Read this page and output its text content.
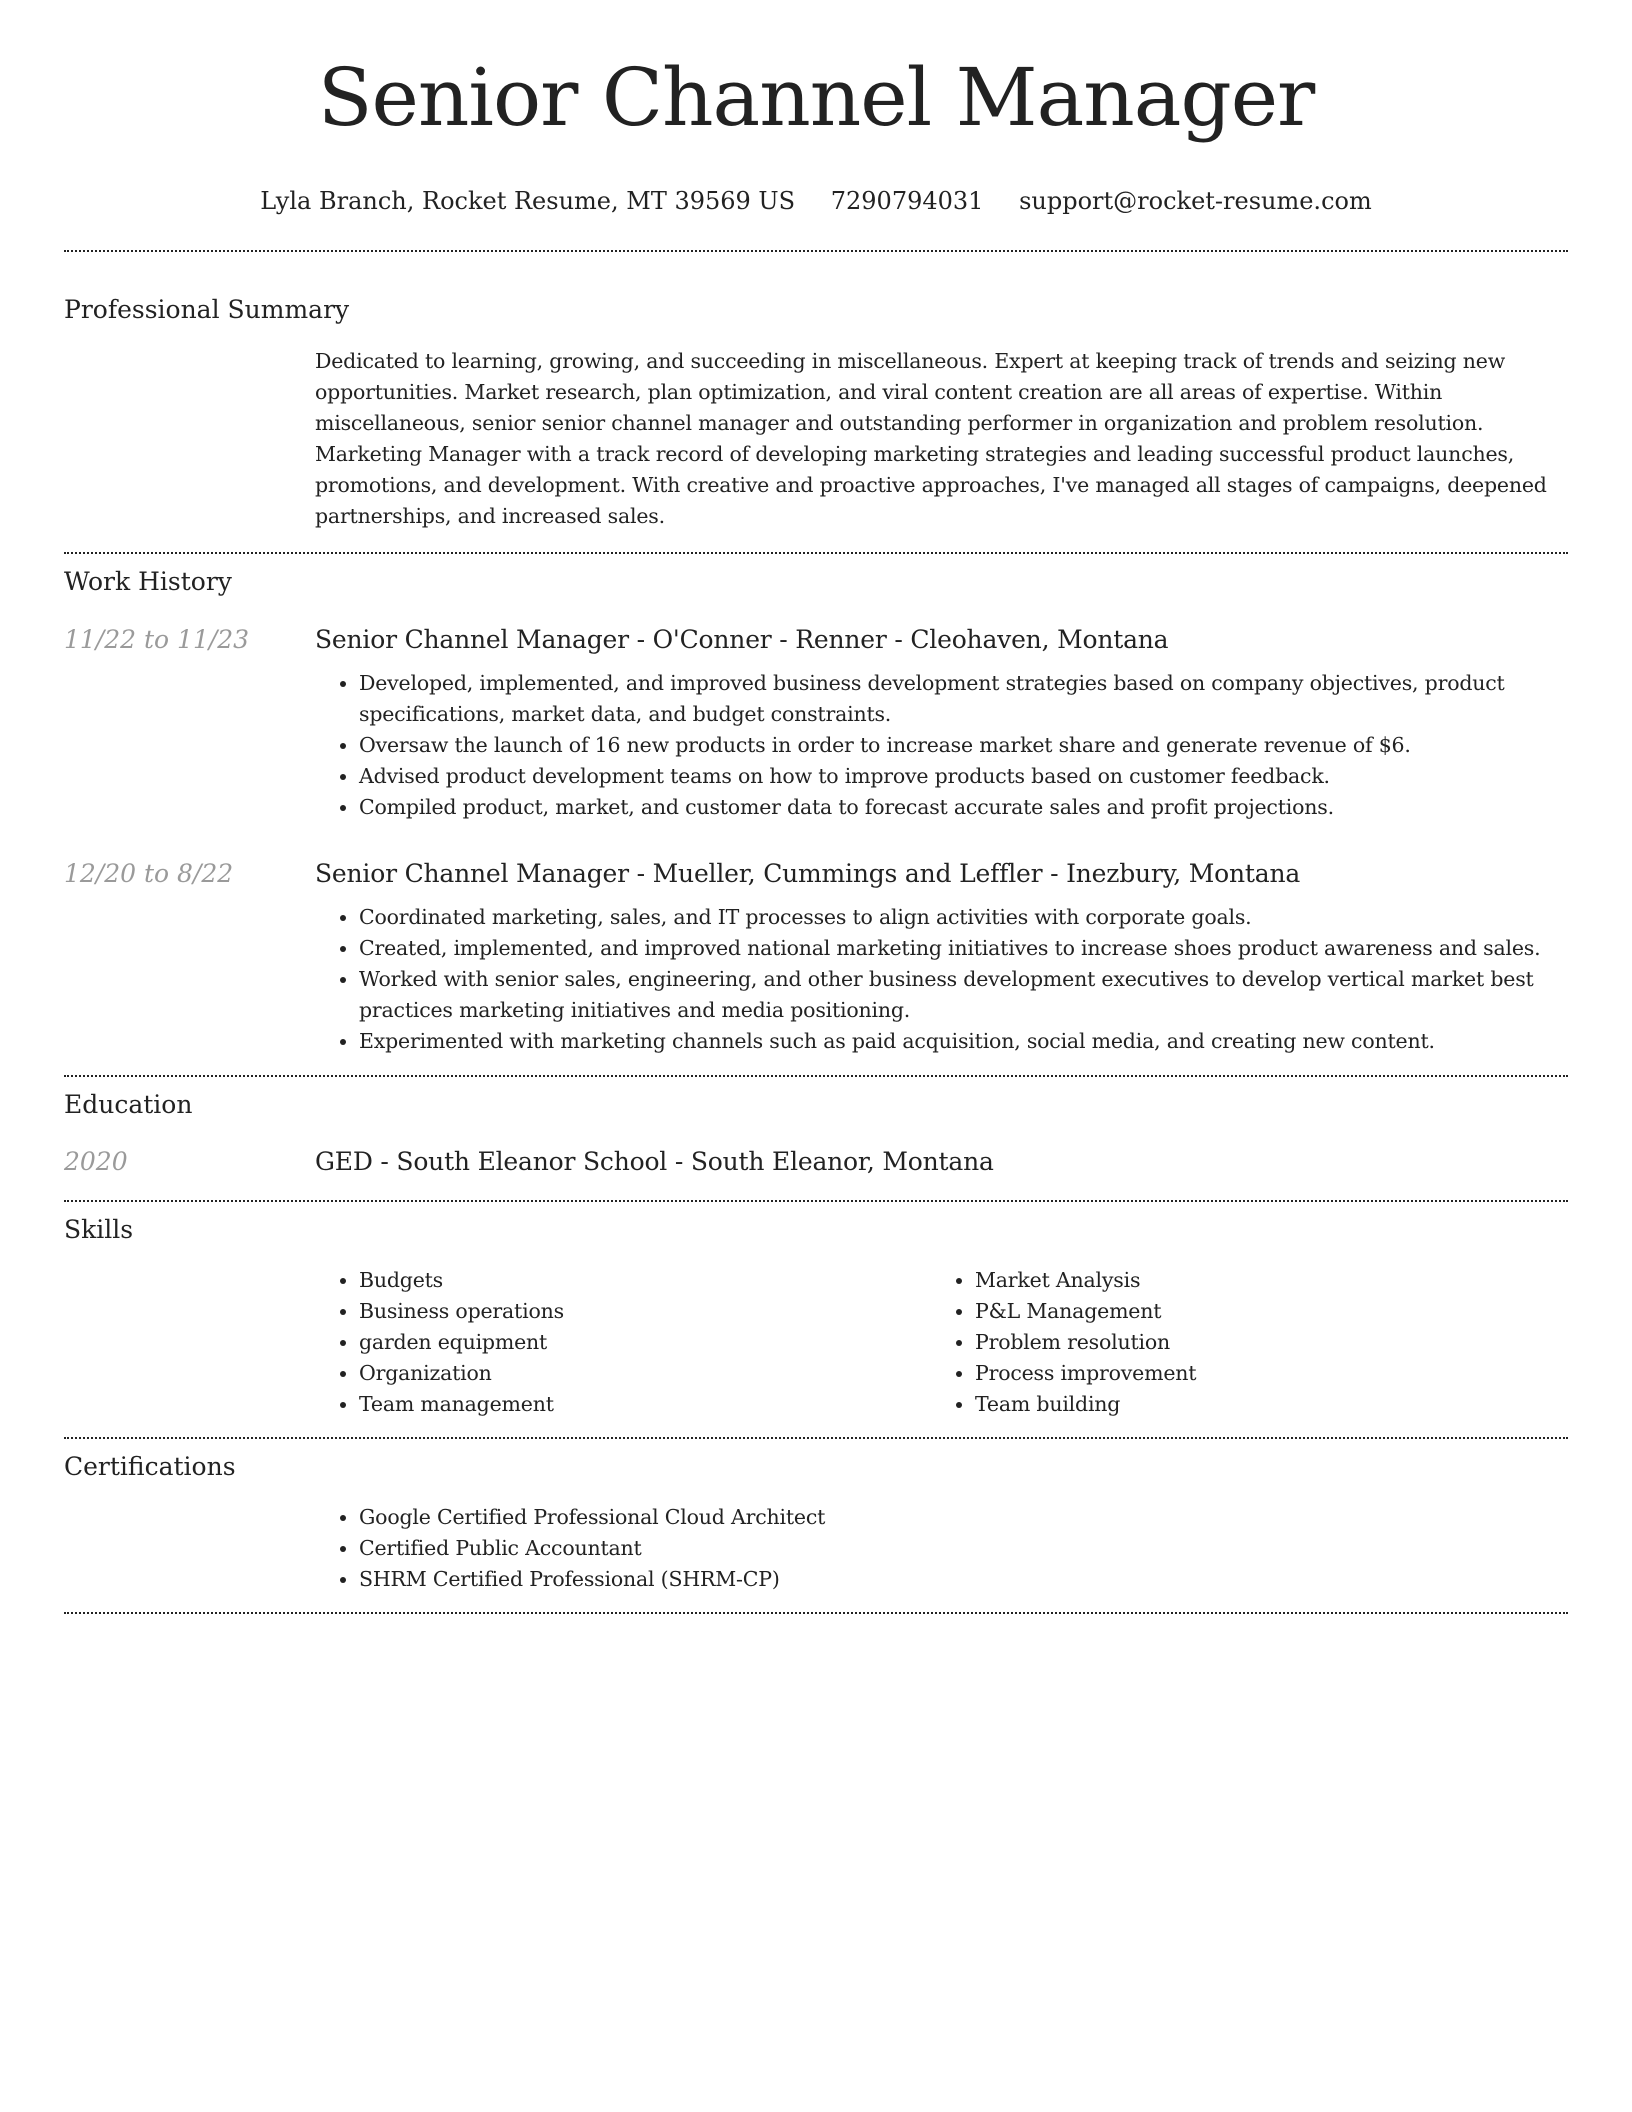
Senior Channel Manager
Lyla Branch, Rocket Resume, MT 39569 US 7290794031 support@rocket-resume.com
Professional Summary

Dedicated to learning, growing, and succeeding in miscellaneous. Expert at keeping track of trends and seizing new opportunities. Market research, plan optimization, and viral content creation are all areas of expertise. Within miscellaneous, senior senior channel manager and outstanding performer in organization and problem resolution. Marketing Manager with a track record of developing marketing strategies and leading successful product launches, promotions, and development. With creative and proactive approaches, I've managed all stages of campaigns, deepened partnerships, and increased sales.

Work History
11/22 to 11/23	Senior Channel Manager - O'Conner - Renner - Cleohaven, Montana
• Developed, implemented, and improved business development strategies based on company objectives, product specifications, market data, and budget constraints.
• Oversaw the launch of 16 new products in order to increase market share and generate revenue of $6.
• Advised product development teams on how to improve products based on customer feedback.
• Compiled product, market, and customer data to forecast accurate sales and profit projections.
12/20 to 8/22	Senior Channel Manager - Mueller, Cummings and Leffler - Inezbury, Montana
• Coordinated marketing, sales, and IT processes to align activities with corporate goals.
• Created, implemented, and improved national marketing initiatives to increase shoes product awareness and sales.
• Worked with senior sales, engineering, and other business development executives to develop vertical market best practices marketing initiatives and media positioning.
• Experimented with marketing channels such as paid acquisition, social media, and creating new content.
Education
2020	GED - South Eleanor School - South Eleanor, Montana
Skills
• Budgets
• Business operations
• garden equipment
• Organization
• Team management
• Market Analysis
• P&L Management
• Problem resolution
• Process improvement
• Team building
Certifications
• Google Certified Professional Cloud Architect
• Certified Public Accountant
• SHRM Certified Professional (SHRM-CP)
